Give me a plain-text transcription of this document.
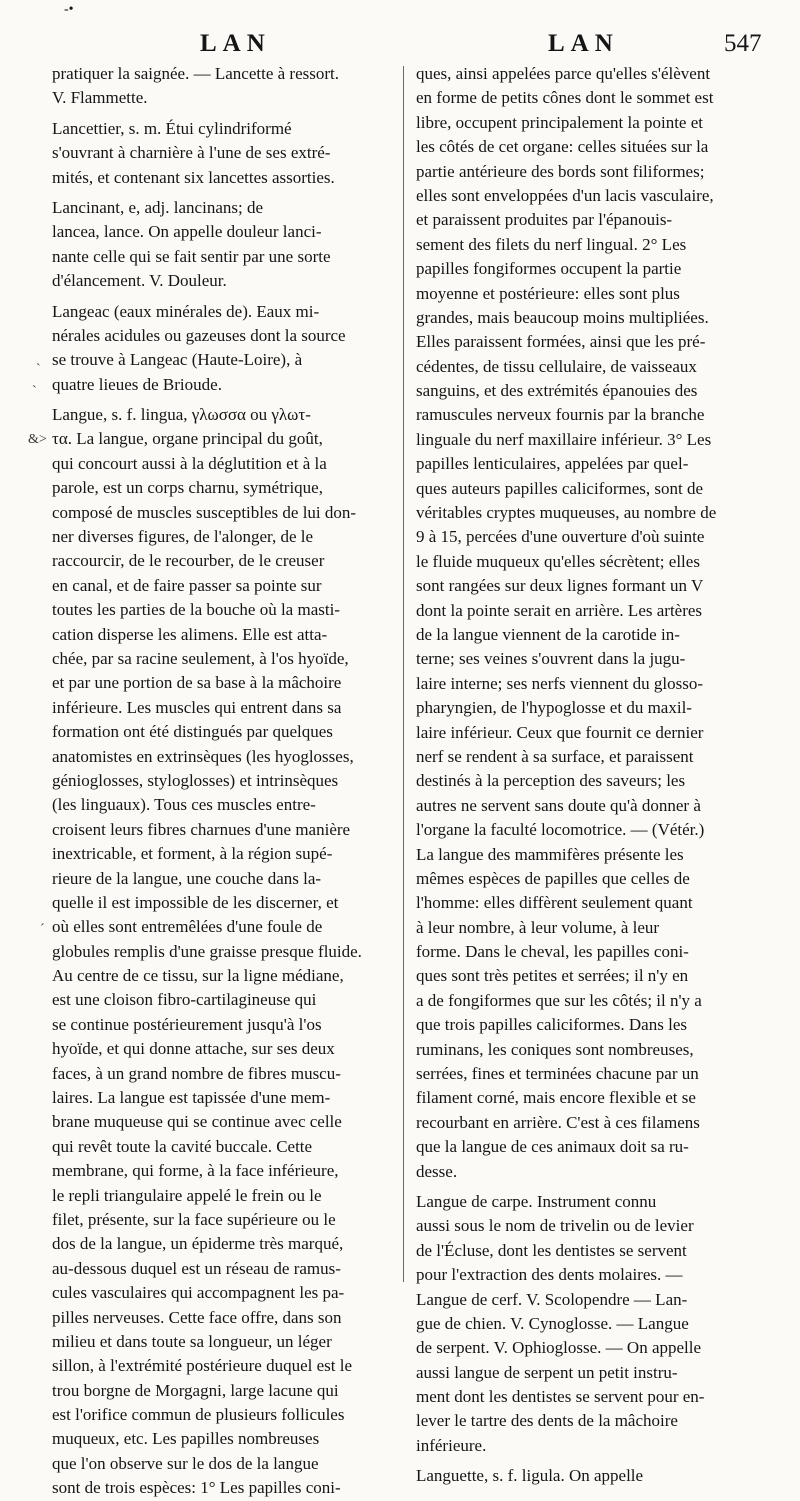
-•
LAN	LAN	547
`
`
&>
´
pratiquer la saignée. — Lancette à ressort.
V. Flammette.
Lancettier, s. m. Étui cylindriformé
s'ouvrant à charnière à l'une de ses extré-
mités, et contenant six lancettes assorties.
Lancinant, e, adj. lancinans; de
lancea, lance. On appelle douleur lanci-
nante celle qui se fait sentir par une sorte
d'élancement. V. Douleur.
Langeac (eaux minérales de). Eaux mi-
nérales acidules ou gazeuses dont la source
se trouve à Langeac (Haute-Loire), à
quatre lieues de Brioude.
Langue, s. f. lingua, γλωσσα ou γλωτ-
τα. La langue, organe principal du goût,
qui concourt aussi à la déglutition et à la
parole, est un corps charnu, symétrique,
composé de muscles susceptibles de lui don-
ner diverses figures, de l'alonger, de le
raccourcir, de le recourber, de le creuser
en canal, et de faire passer sa pointe sur
toutes les parties de la bouche où la masti-
cation disperse les alimens. Elle est atta-
chée, par sa racine seulement, à l'os hyoïde,
et par une portion de sa base à la mâchoire
inférieure. Les muscles qui entrent dans sa
formation ont été distingués par quelques
anatomistes en extrinsèques (les hyoglosses,
génioglosses, styloglosses) et intrinsèques
(les linguaux). Tous ces muscles entre-
croisent leurs fibres charnues d'une manière
inextricable, et forment, à la région supé-
rieure de la langue, une couche dans la-
quelle il est impossible de les discerner, et
où elles sont entremêlées d'une foule de
globules remplis d'une graisse presque fluide.
Au centre de ce tissu, sur la ligne médiane,
est une cloison fibro-cartilagineuse qui
se continue postérieurement jusqu'à l'os
hyoïde, et qui donne attache, sur ses deux
faces, à un grand nombre de fibres muscu-
laires. La langue est tapissée d'une mem-
brane muqueuse qui se continue avec celle
qui revêt toute la cavité buccale. Cette
membrane, qui forme, à la face inférieure,
le repli triangulaire appelé le frein ou le
filet, présente, sur la face supérieure ou le
dos de la langue, un épiderme très marqué,
au-dessous duquel est un réseau de ramus-
cules vasculaires qui accompagnent les pa-
pilles nerveuses. Cette face offre, dans son
milieu et dans toute sa longueur, un léger
sillon, à l'extrémité postérieure duquel est le
trou borgne de Morgagni, large lacune qui
est l'orifice commun de plusieurs follicules
muqueux, etc. Les papilles nombreuses
que l'on observe sur le dos de la langue
sont de trois espèces: 1° Les papilles coni-
ques, ainsi appelées parce qu'elles s'élèvent
en forme de petits cônes dont le sommet est
libre, occupent principalement la pointe et
les côtés de cet organe: celles situées sur la
partie antérieure des bords sont filiformes;
elles sont enveloppées d'un lacis vasculaire,
et paraissent produites par l'épanouis-
sement des filets du nerf lingual. 2° Les
papilles fongiformes occupent la partie
moyenne et postérieure: elles sont plus
grandes, mais beaucoup moins multipliées.
Elles paraissent formées, ainsi que les pré-
cédentes, de tissu cellulaire, de vaisseaux
sanguins, et des extrémités épanouies des
ramuscules nerveux fournis par la branche
linguale du nerf maxillaire inférieur. 3° Les
papilles lenticulaires, appelées par quel-
ques auteurs papilles caliciformes, sont de
véritables cryptes muqueuses, au nombre de
9 à 15, percées d'une ouverture d'où suinte
le fluide muqueux qu'elles sécrètent; elles
sont rangées sur deux lignes formant un V
dont la pointe serait en arrière. Les artères
de la langue viennent de la carotide in-
terne; ses veines s'ouvrent dans la jugu-
laire interne; ses nerfs viennent du glosso-
pharyngien, de l'hypoglosse et du maxil-
laire inférieur. Ceux que fournit ce dernier
nerf se rendent à sa surface, et paraissent
destinés à la perception des saveurs; les
autres ne servent sans doute qu'à donner à
l'organe la faculté locomotrice. — (Vétér.)
La langue des mammifères présente les
mêmes espèces de papilles que celles de
l'homme: elles diffèrent seulement quant
à leur nombre, à leur volume, à leur
forme. Dans le cheval, les papilles coni-
ques sont très petites et serrées; il n'y en
a de fongiformes que sur les côtés; il n'y a
que trois papilles caliciformes. Dans les
ruminans, les coniques sont nombreuses,
serrées, fines et terminées chacune par un
filament corné, mais encore flexible et se
recourbant en arrière. C'est à ces filamens
que la langue de ces animaux doit sa ru-
desse.
Langue de carpe. Instrument connu
aussi sous le nom de trivelin ou de levier
de l'Écluse, dont les dentistes se servent
pour l'extraction des dents molaires. —
Langue de cerf. V. Scolopendre — Lan-
gue de chien. V. Cynoglosse. — Langue
de serpent. V. Ophioglosse. — On appelle
aussi langue de serpent un petit instru-
ment dont les dentistes se servent pour en-
lever le tartre des dents de la mâchoire
inférieure.
Languette, s. f. ligula. On appelle
